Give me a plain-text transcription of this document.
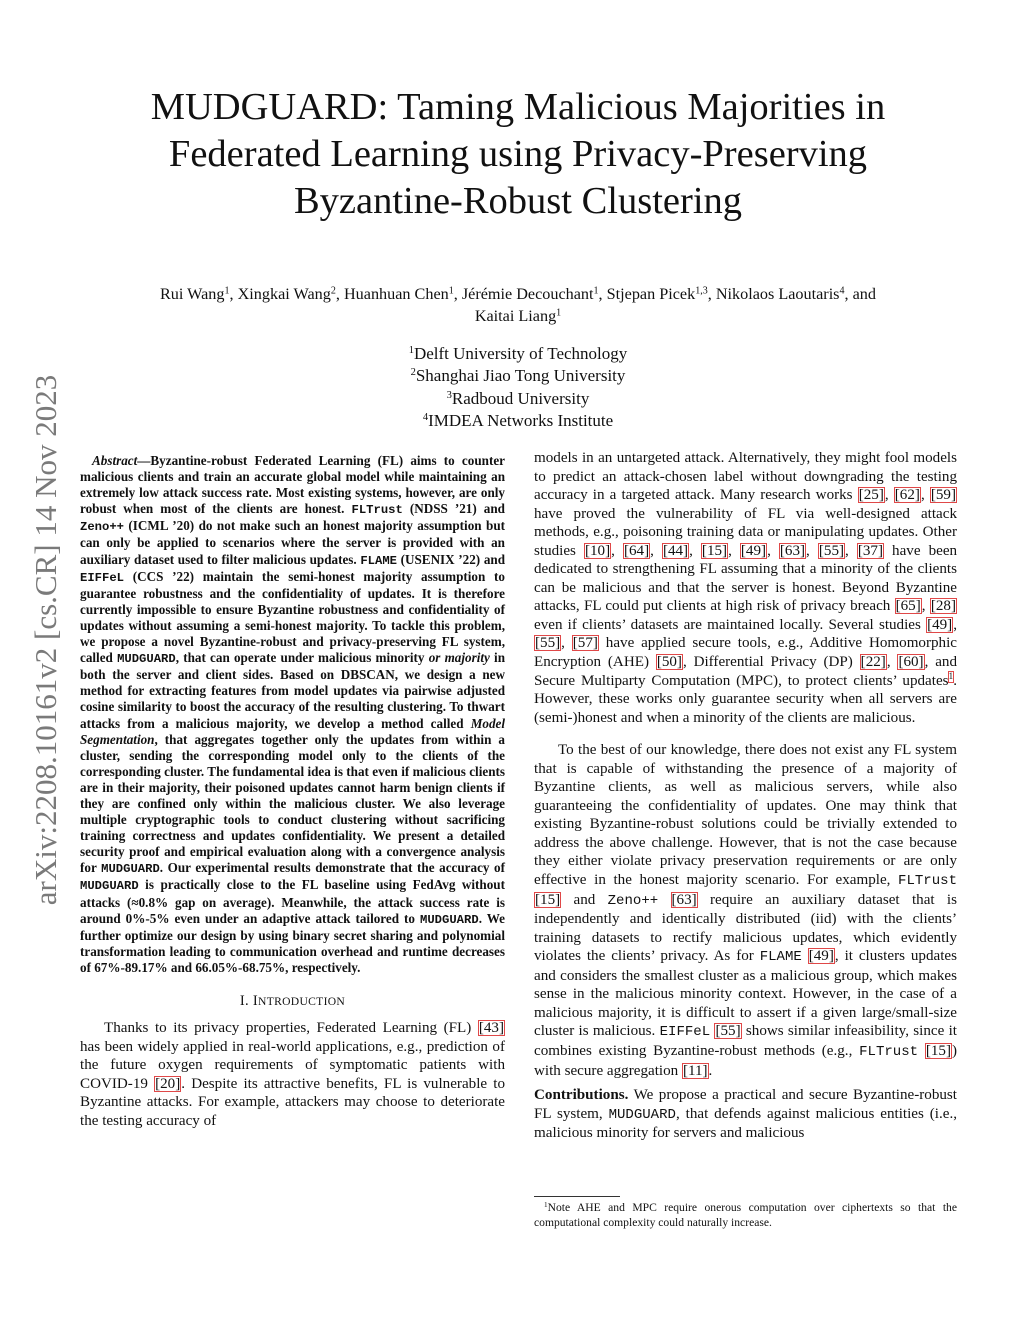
arXiv:2208.10161v2 [cs.CR] 14 Nov 2023
MUDGUARD: Taming Malicious Majorities in Federated Learning using Privacy-Preserving Byzantine-Robust Clustering
Rui Wang$^1$, Xingkai Wang$^2$, Huanhuan Chen$^1$, Jérémie Decouchant$^1$, Stjepan Picek$^{1,3}$, Nikolaos Laoutaris$^4$, and
Kaitai Liang$^1$
$^1$Delft University of Technology
$^2$Shanghai Jiao Tong University
$^3$Radboud University
$^4$IMDEA Networks Institute

Abstract—Byzantine-robust Federated Learning (FL) aims to counter malicious clients and train an accurate global model while maintaining an extremely low attack success rate. Most existing systems, however, are only robust when most of the clients are honest. FLTrust (NDSS ’21) and Zeno++ (ICML ’20) do not make such an honest majority assumption but can only be applied to scenarios where the server is provided with an auxiliary dataset used to filter malicious updates. FLAME (USENIX ’22) and EIFFeL (CCS ’22) maintain the semi-honest majority assumption to guarantee robustness and the confidentiality of updates. It is therefore currently impossible to ensure Byzantine robustness and confidentiality of updates without assuming a semi-honest majority. To tackle this problem, we propose a novel Byzantine-robust and privacy-preserving FL system, called MUDGUARD, that can operate under malicious minority or majority in both the server and client sides. Based on DBSCAN, we design a new method for extracting features from model updates via pairwise adjusted cosine similarity to boost the accuracy of the resulting clustering. To thwart attacks from a malicious majority, we develop a method called Model Segmentation, that aggregates together only the updates from within a cluster, sending the corresponding model only to the clients of the corresponding cluster. The fundamental idea is that even if malicious clients are in their majority, their poisoned updates cannot harm benign clients if they are confined only within the malicious cluster. We also leverage multiple cryptographic tools to conduct clustering without sacrificing training correctness and updates confidentiality. We present a detailed security proof and empirical evaluation along with a convergence analysis for MUDGUARD. Our experimental results demonstrate that the accuracy of MUDGUARD is practically close to the FL baseline using FedAvg without attacks (≈0.8% gap on average). Meanwhile, the attack success rate is around 0%-5% even under an adaptive attack tailored to MUDGUARD. We further optimize our design by using binary secret sharing and polynomial transformation leading to communication overhead and runtime decreases of 67%-89.17% and 66.05%-68.75%, respectively.

I. INTRODUCTION

Thanks to its privacy properties, Federated Learning (FL) [43] has been widely applied in real-world applications, e.g., prediction of the future oxygen requirements of symptomatic patients with COVID-19 [20]. Despite its attractive benefits, FL is vulnerable to Byzantine attacks. For example, attackers may choose to deteriorate the testing accuracy of

models in an untargeted attack. Alternatively, they might fool models to predict an attack-chosen label without downgrading the testing accuracy in a targeted attack. Many research works [25], [62], [59] have proved the vulnerability of FL via well-designed attack methods, e.g., poisoning training data or manipulating updates. Other studies [10], [64], [44], [15], [49], [63], [55], [37] have been dedicated to strengthening FL assuming that a minority of the clients can be malicious and that the server is honest. Beyond Byzantine attacks, FL could put clients at high risk of privacy breach [65], [28] even if clients’ datasets are maintained locally. Several studies [49], [55], [57] have applied secure tools, e.g., Additive Homomorphic Encryption (AHE) [50], Differential Privacy (DP) [22], [60], and Secure Multiparty Computation (MPC), to protect clients’ updates$^1$. However, these works only guarantee security when all servers are (semi-)honest and when a minority of the clients are malicious.

To the best of our knowledge, there does not exist any FL system that is capable of withstanding the presence of a majority of Byzantine clients, as well as malicious servers, while also guaranteeing the confidentiality of updates. One may think that existing Byzantine-robust solutions could be trivially extended to address the above challenge. However, that is not the case because they either violate privacy preservation requirements or are only effective in the honest majority scenario. For example, FLTrust [15] and Zeno++ [63] require an auxiliary dataset that is independently and identically distributed (iid) with the clients’ training datasets to rectify malicious updates, which evidently violates the clients’ privacy. As for FLAME [49], it clusters updates and considers the smallest cluster as a malicious group, which makes sense in the malicious minority context. However, in the case of a malicious majority, it is difficult to assert if a given large/small-size cluster is malicious. EIFFeL [55] shows similar infeasibility, since it combines existing Byzantine-robust methods (e.g., FLTrust [15]) with secure aggregation [11].

Contributions. We propose a practical and secure Byzantine-robust FL system, MUDGUARD, that defends against malicious entities (i.e., malicious minority for servers and malicious

$^1$Note AHE and MPC require onerous computation over ciphertexts so that the computational complexity could naturally increase.
